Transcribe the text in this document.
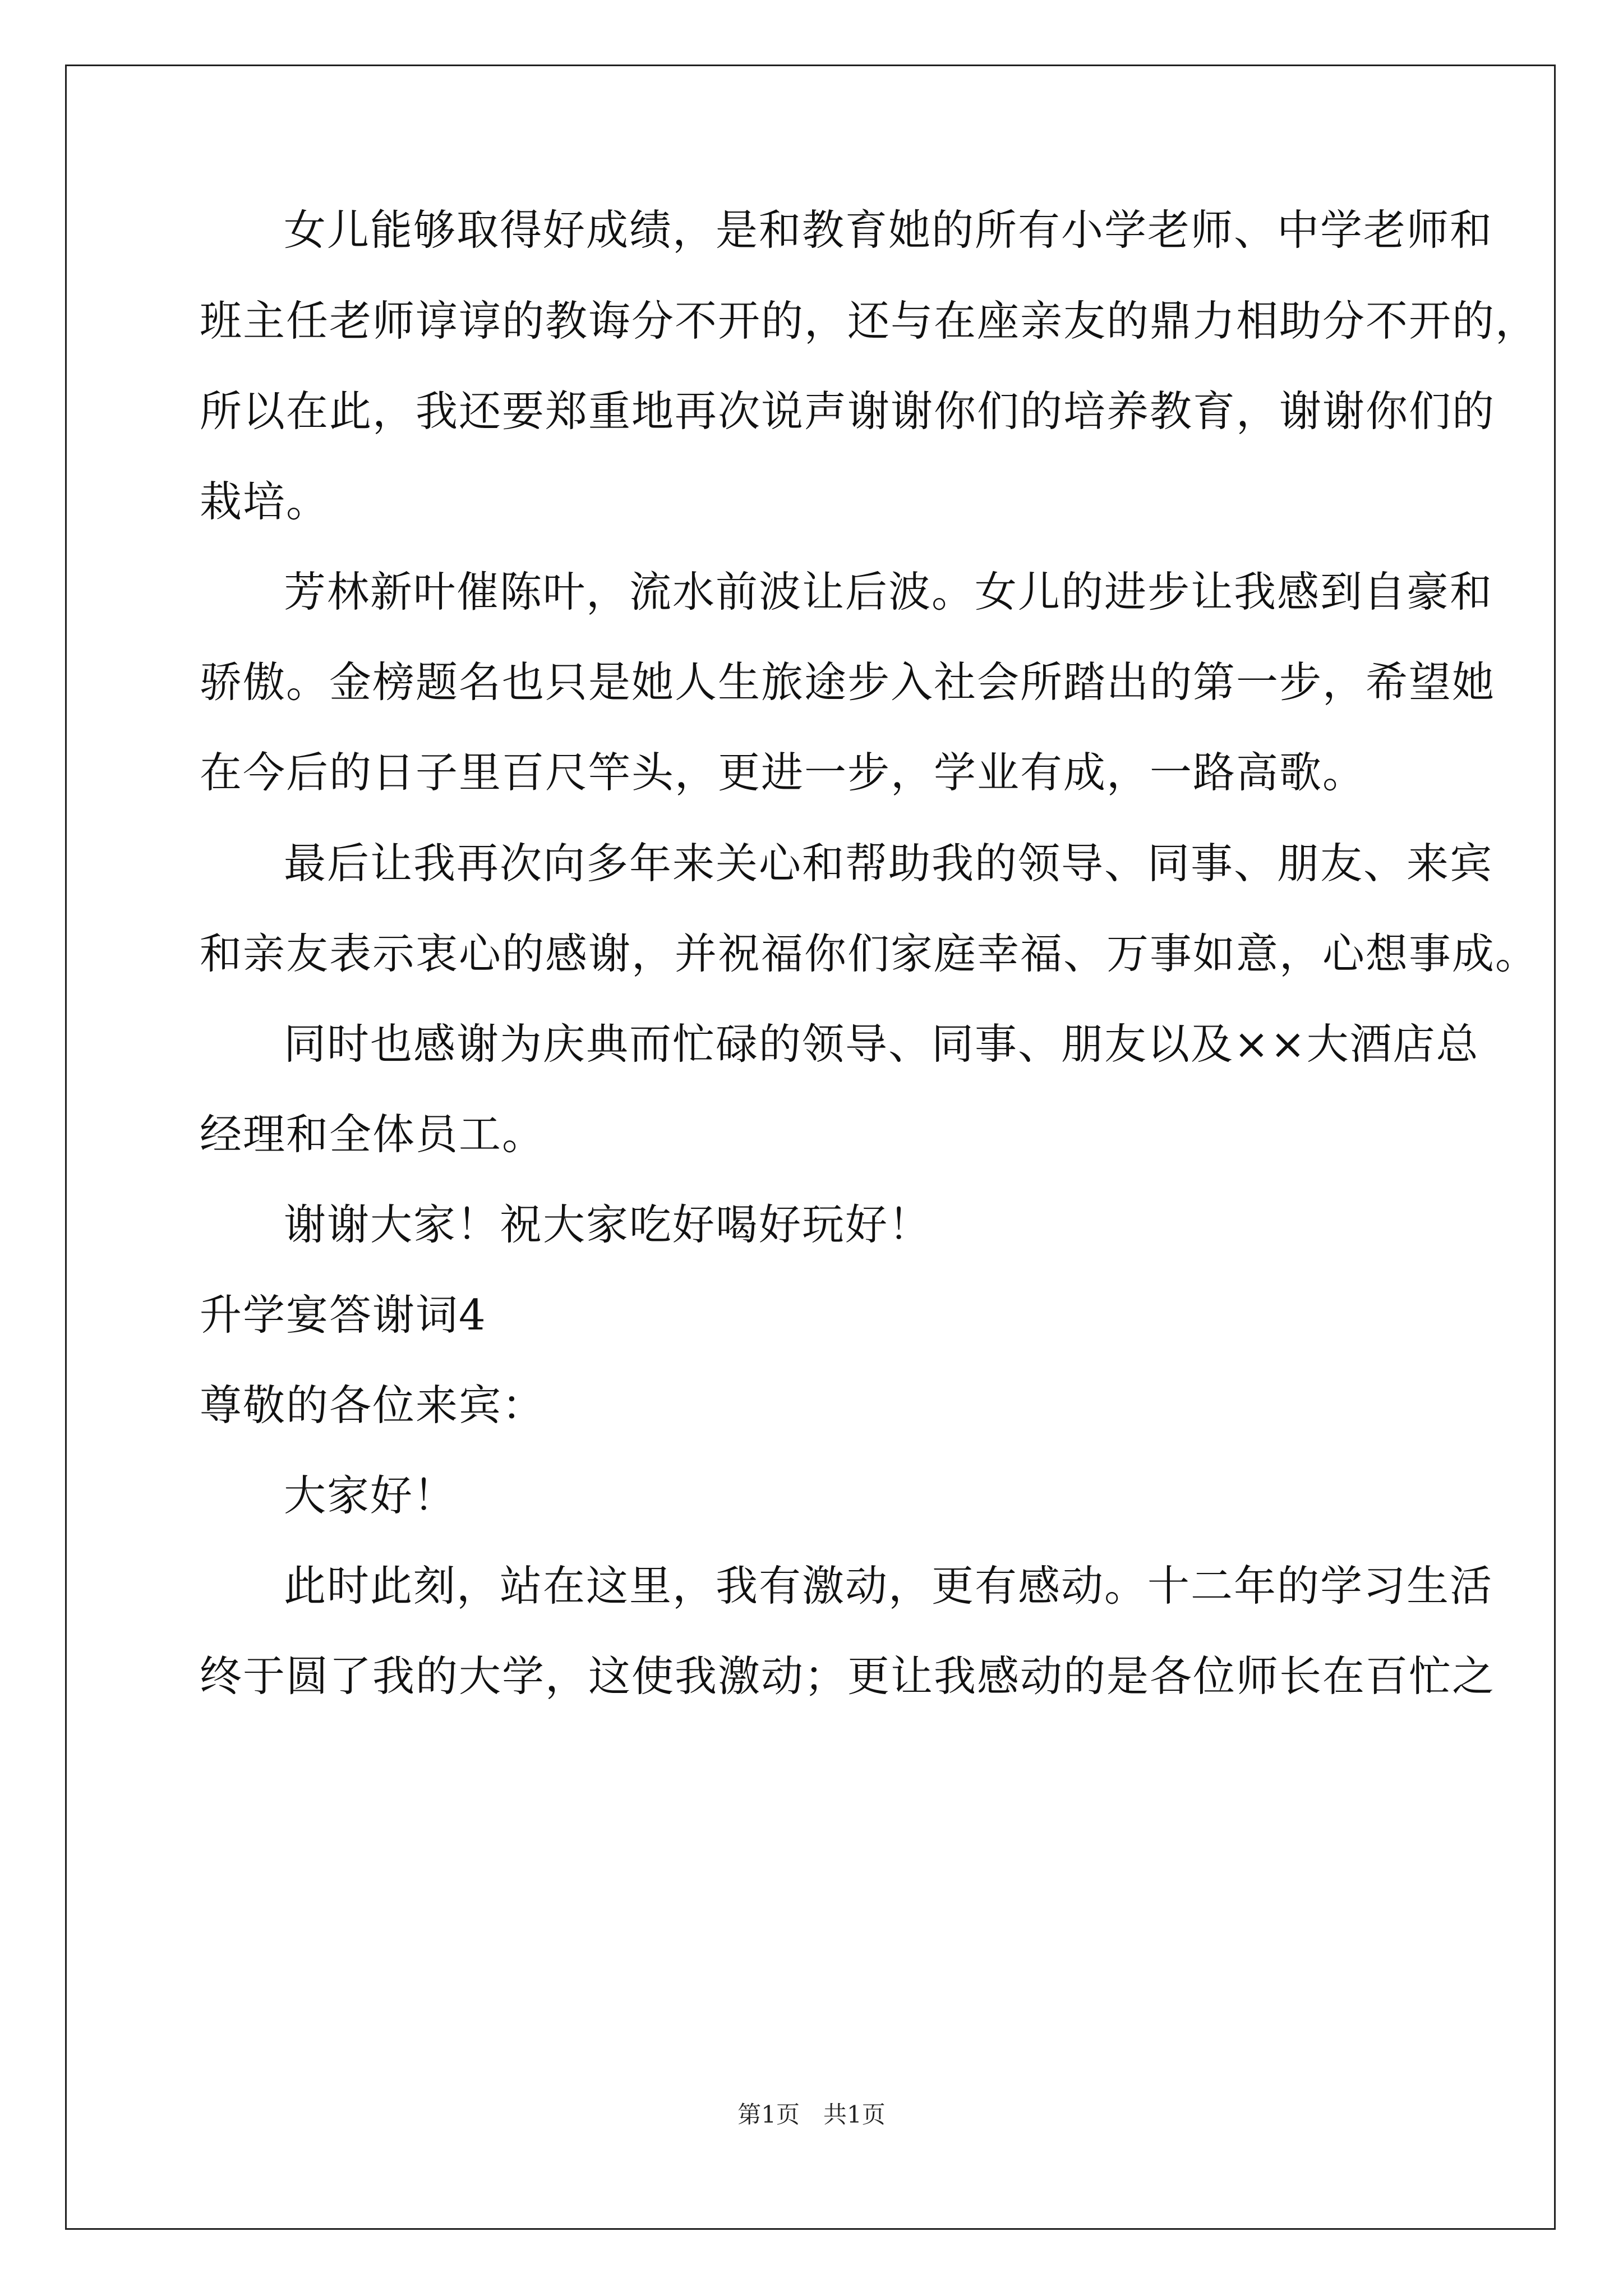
女儿能够取得好成绩，是和教育她的所有小学老师、中学老师和
班主任老师谆谆的教诲分不开的，还与在座亲友的鼎力相助分不开的，
所以在此，我还要郑重地再次说声谢谢你们的培养教育，谢谢你们的
栽培。
芳林新叶催陈叶，流水前波让后波。女儿的进步让我感到自豪和
骄傲。金榜题名也只是她人生旅途步入社会所踏出的第一步，希望她
在今后的日子里百尺竿头，更进一步，学业有成，一路高歌。
最后让我再次向多年来关心和帮助我的领导、同事、朋友、来宾
和亲友表示衷心的感谢，并祝福你们家庭幸福、万事如意，心想事成。
同时也感谢为庆典而忙碌的领导、同事、朋友以及××大酒店总
经理和全体员工。
谢谢大家！祝大家吃好喝好玩好！
升学宴答谢词4
尊敬的各位来宾：
大家好！
此时此刻，站在这里，我有激动，更有感动。十二年的学习生活
终于圆了我的大学，这使我激动；更让我感动的是各位师长在百忙之
第1页　共1页
